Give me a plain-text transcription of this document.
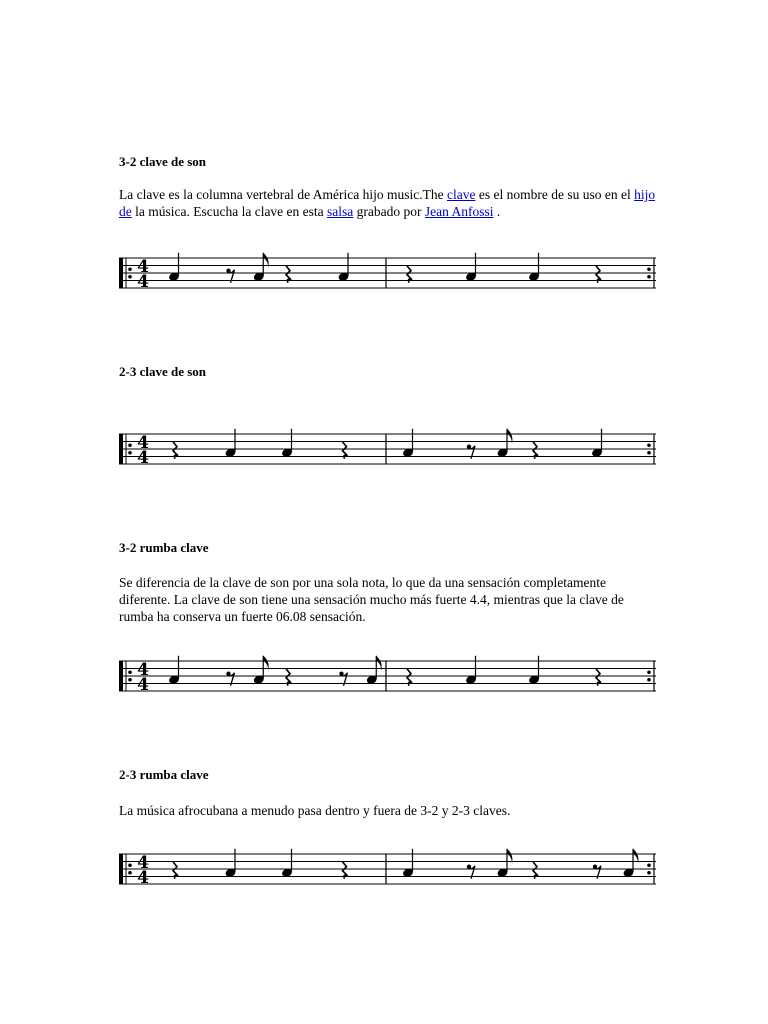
3-2 clave de son

La clave es la columna vertebral de América hijo music.The clave es el nombre de su uso en el hijo de la música. Escucha la clave en esta salsa grabado por Jean Anfossi .

4
4
2-3 clave de son
4
4
3-2 rumba clave

Se diferencia de la clave de son por una sola nota, lo que da una sensación completamente diferente. La clave de son tiene una sensación mucho más fuerte 4.4, mientras que la clave de rumba ha conserva un fuerte 06.08 sensación.

4
4
2-3 rumba clave

La música afrocubana a menudo pasa dentro y fuera de 3-2 y 2-3 claves.

4
4
